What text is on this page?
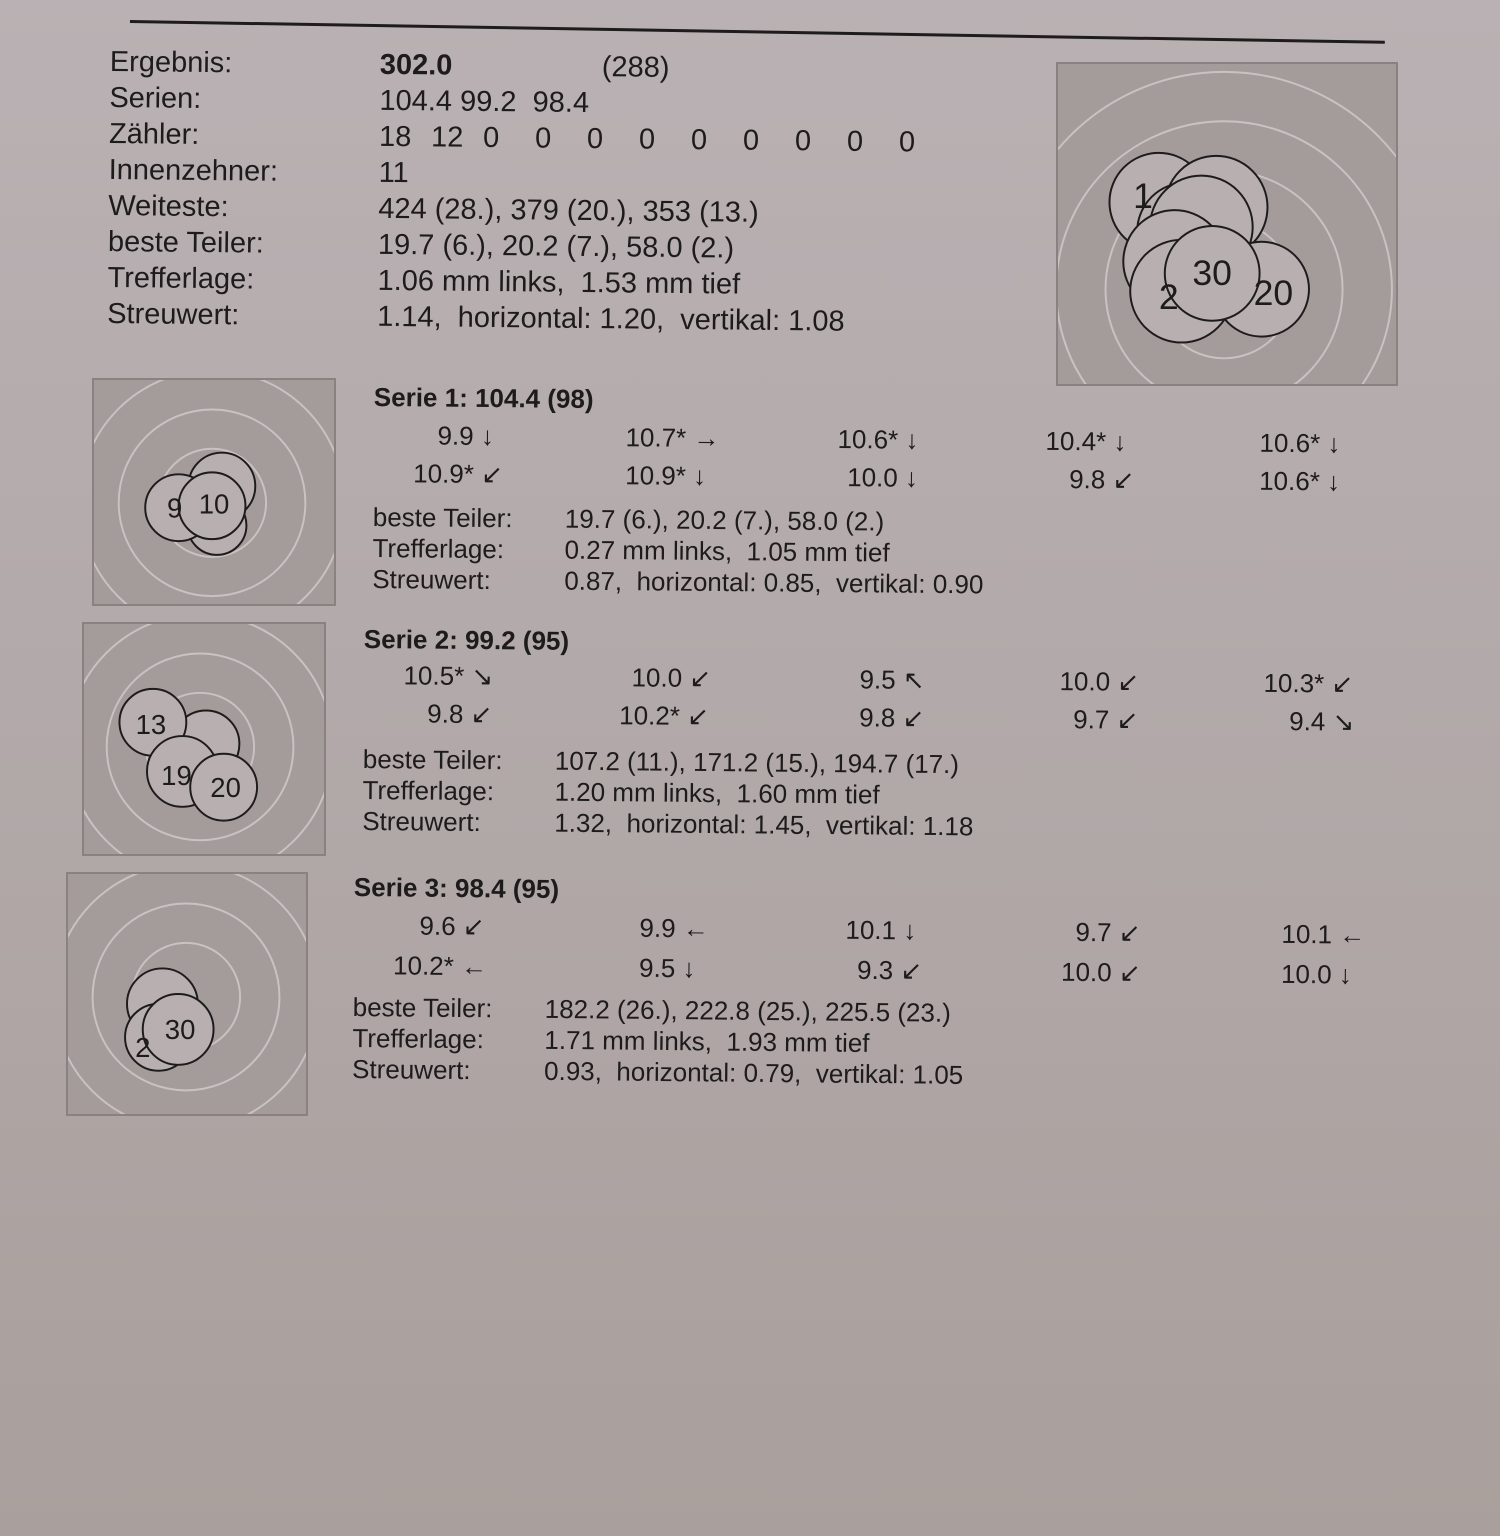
Ergebnis:	302.0	(288)
Serien:	104.4 99.2  98.4
Zähler:	18 12 0	0	0	0	0	0	0	0	0
Innenzehner:	11
Weiteste:	424 (28.), 379 (20.), 353 (13.)
beste Teiler:	19.7 (6.), 20.2 (7.), 58.0 (2.)
Trefferlage:	1.06 mm links,  1.53 mm tief
Streuwert:	1.14,  horizontal: 1.20,  vertikal: 1.08
1
2
30 20
9 10
13
19 20
2
30
Serie 1: 104.4 (98)
9.9 ↓	10.7* →	10.6* ↓	10.4* ↓	10.6* ↓
10.9* ↙	10.9* ↓	10.0 ↓	9.8 ↙	10.6* ↓
beste Teiler:	19.7 (6.), 20.2 (7.), 58.0 (2.)
Trefferlage:	0.27 mm links,  1.05 mm tief
Streuwert:	0.87,  horizontal: 0.85,  vertikal: 0.90
Serie 2: 99.2 (95)
10.5* ↘	10.0 ↙	9.5 ↖	10.0 ↙	10.3* ↙
9.8 ↙	10.2* ↙	9.8 ↙	9.7 ↙	9.4 ↘
beste Teiler:	107.2 (11.), 171.2 (15.), 194.7 (17.)
Trefferlage:	1.20 mm links,  1.60 mm tief
Streuwert:	1.32,  horizontal: 1.45,  vertikal: 1.18
Serie 3: 98.4 (95)
9.6 ↙	9.9 ←	10.1 ↓	9.7 ↙	10.1 ←
10.2* ←	9.5 ↓	9.3 ↙	10.0 ↙	10.0 ↓
beste Teiler:	182.2 (26.), 222.8 (25.), 225.5 (23.)
Trefferlage:	1.71 mm links,  1.93 mm tief
Streuwert:	0.93,  horizontal: 0.79,  vertikal: 1.05
